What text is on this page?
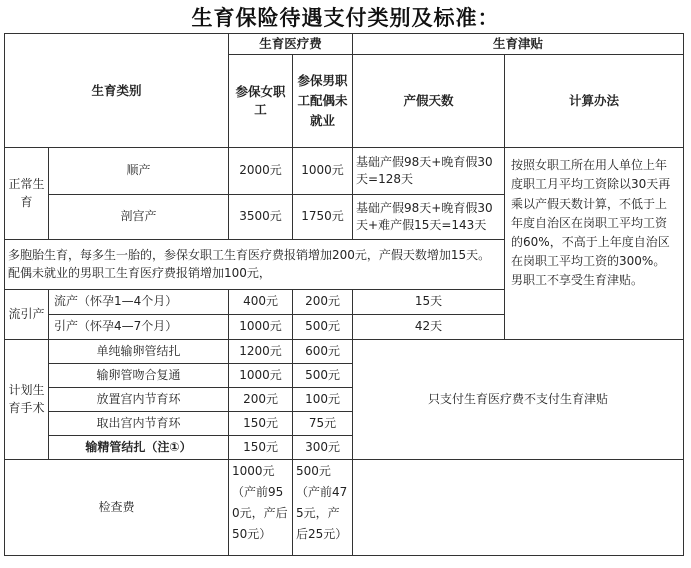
生育保险待遇支付类别及标准：
生育类别		生育医疗费		生育津贴	
		参保女职工	参保男职工配偶未就业	产假天数	计算办法
正常生育	顺产	2000元	1000元	基础产假98天+晚育假30天=128天	按照女职工所在用人单位上年度职工月平均工资除以30天再乘以产假天数计算，不低于上年度自治区在岗职工平均工资的60%，不高于上年度自治区在岗职工平均工资的300%。
男职工不享受生育津贴。

	剖宫产	3500元	1750元	基础产假98天+晚育假30天+难产假15天=143天	
多胞胎生育，每多生一胎的，参保女职工生育医疗费报销增加200元，产假天数增加15天。配偶未就业的男职工生育医疗费报销增加100元，					
流引产	流产（怀孕1—4个月）	400元	200元	15天	
	引产（怀孕4—7个月）	1000元	500元	42天	
计划生育手术	单纯输卵管结扎	1200元	600元	只支付生育医疗费不支付生育津贴	
	输卵管吻合复通	1000元	500元		
	放置宫内节育环	200元	100元		
	取出宫内节育环	150元	75元		
	输精管结扎（注①）	150元	300元		
检查费		1000元（产前950元，产后50元）	500元（产前475元，产后25元）		
